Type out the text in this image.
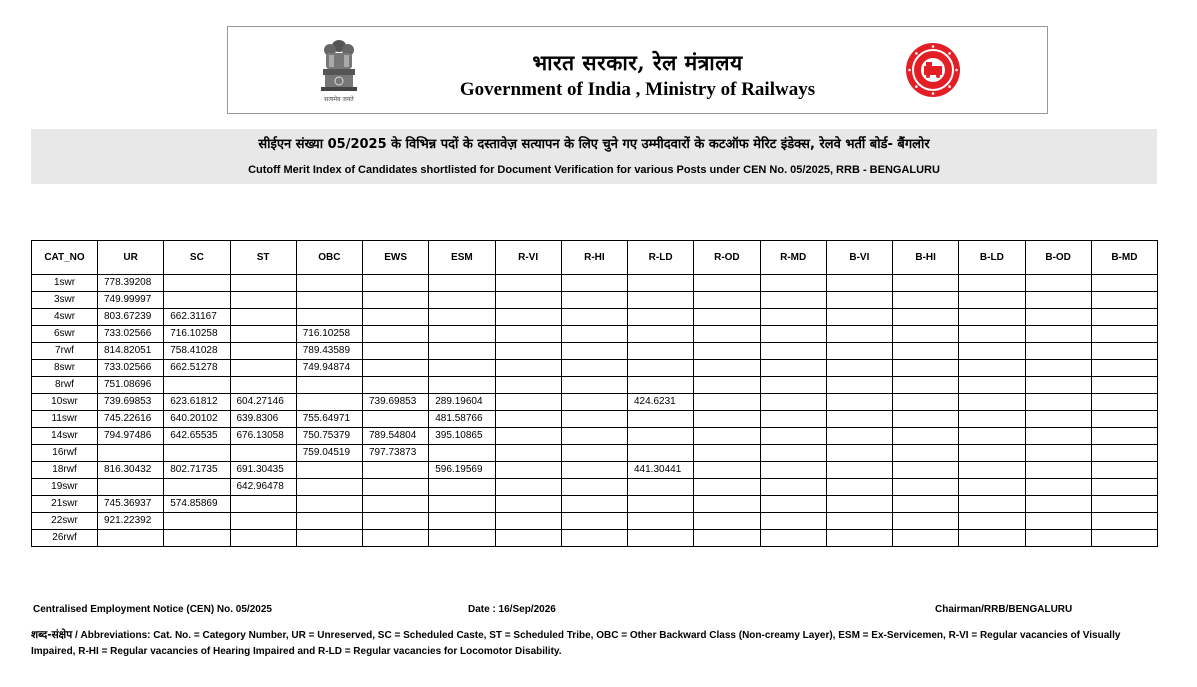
सत्यमेव जयते
भारत सरकार, रेल मंत्रालय
Government of India , Ministry of Railways
सीईएन संख्या 05/2025 के विभिन्न पदों के दस्तावेज़ सत्यापन के लिए चुने गए उम्मीदवारों के कटऑफ मेरिट इंडेक्स, रेलवे भर्ती बोर्ड- बैंगलोर
Cutoff Merit Index of Candidates shortlisted for Document Verification for various Posts under CEN No. 05/2025, RRB - BENGALURU
CAT_NO	UR	SC	ST	OBC	EWS	ESM	R-VI	R-HI	R-LD	R-OD	R-MD	B-VI	B-HI	B-LD	B-OD	B-MD
1swr	778.39208															
3swr	749.99997															
4swr	803.67239	662.31167														
6swr	733.02566	716.10258		716.10258												
7rwf	814.82051	758.41028		789.43589												
8swr	733.02566	662.51278		749.94874												
8rwf	751.08696															
10swr	739.69853	623.61812	604.27146		739.69853	289.19604			424.6231							
11swr	745.22616	640.20102	639.8306	755.64971		481.58766										
14swr	794.97486	642.65535	676.13058	750.75379	789.54804	395.10865										
16rwf				759.04519	797.73873											
18rwf	816.30432	802.71735	691.30435			596.19569			441.30441							
19swr			642.96478													
21swr	745.36937	574.85869														
22swr	921.22392															
26rwf																
Centralised Employment Notice (CEN) No. 05/2025	Date : 16/Sep/2026	Chairman/RRB/BENGALURU
शब्द-संक्षेप / Abbreviations: Cat. No. = Category Number, UR = Unreserved, SC = Scheduled Caste, ST = Scheduled Tribe, OBC = Other Backward Class (Non-creamy Layer), ESM = Ex-Servicemen, R-VI = Regular vacancies of Visually Impaired, R-HI = Regular vacancies of Hearing Impaired and R-LD = Regular vacancies for Locomotor Disability.
